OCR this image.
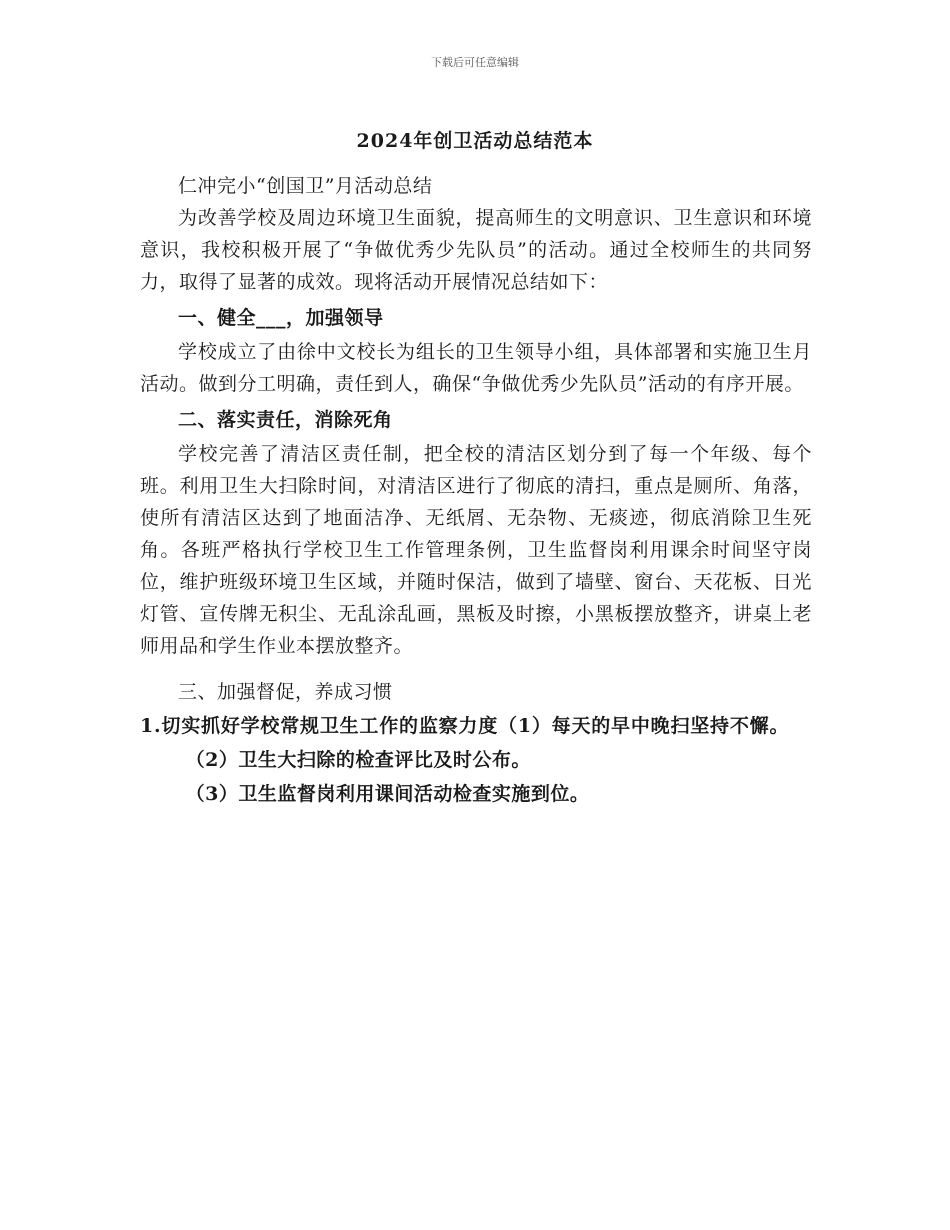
下载后可任意编辑
2024年创卫活动总结范本

仁冲完小“创国卫”月活动总结

为改善学校及周边环境卫生面貌，提高师生的文明意识、卫生意识和环境意识，我校积极开展了“争做优秀少先队员”的活动。通过全校师生的共同努力，取得了显著的成效。现将活动开展情况总结如下：

一、健全___，加强领导

学校成立了由徐中文校长为组长的卫生领导小组，具体部署和实施卫生月活动。做到分工明确，责任到人，确保“争做优秀少先队员”活动的有序开展。

二、落实责任，消除死角

学校完善了清洁区责任制，把全校的清洁区划分到了每一个年级、每个班。利用卫生大扫除时间，对清洁区进行了彻底的清扫，重点是厕所、角落，使所有清洁区达到了地面洁净、无纸屑、无杂物、无痰迹，彻底消除卫生死角。各班严格执行学校卫生工作管理条例，卫生监督岗利用课余时间坚守岗位，维护班级环境卫生区域，并随时保洁，做到了墙壁、窗台、天花板、日光灯管、宣传牌无积尘、无乱涂乱画，黑板及时擦，小黑板摆放整齐，讲桌上老师用品和学生作业本摆放整齐。

三、加强督促，养成习惯

1.切实抓好学校常规卫生工作的监察力度（1）每天的早中晚扫坚持不懈。

（2）卫生大扫除的检查评比及时公布。

（3）卫生监督岗利用课间活动检查实施到位。
